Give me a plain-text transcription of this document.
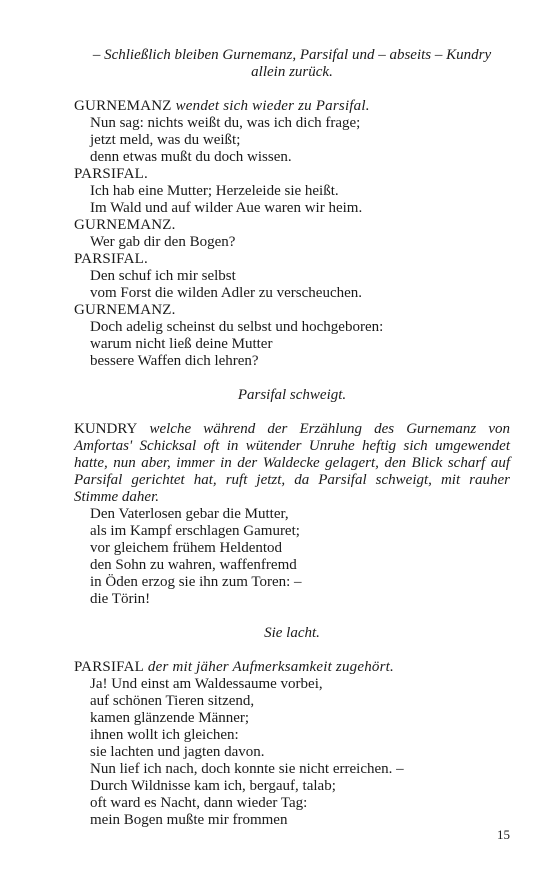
– Schließlich bleiben Gurnemanz, Parsifal und – abseits – Kundry allein zurück.

GURNEMANZ wendet sich wieder zu Parsifal.

Nun sag: nichts weißt du, was ich dich frage;

jetzt meld, was du weißt;

denn etwas mußt du doch wissen.

PARSIFAL.

Ich hab eine Mutter; Herzeleide sie heißt.

Im Wald und auf wilder Aue waren wir heim.

GURNEMANZ.

Wer gab dir den Bogen?

PARSIFAL.

Den schuf ich mir selbst

vom Forst die wilden Adler zu verscheuchen.

GURNEMANZ.

Doch adelig scheinst du selbst und hochgeboren:

warum nicht ließ deine Mutter

bessere Waffen dich lehren?

Parsifal schweigt.

KUNDRY welche während der Erzählung des Gurnemanz von Amfortas' Schicksal oft in wütender Unruhe heftig sich umgewendet hatte, nun aber, immer in der Waldecke gelagert, den Blick scharf auf Parsifal gerichtet hat, ruft jetzt, da Parsifal schweigt, mit rauher Stimme daher.

Den Vaterlosen gebar die Mutter,

als im Kampf erschlagen Gamuret;

vor gleichem frühem Heldentod

den Sohn zu wahren, waffenfremd

in Öden erzog sie ihn zum Toren: –

die Törin!

Sie lacht.

PARSIFAL der mit jäher Aufmerksamkeit zugehört.

Ja! Und einst am Waldessaume vorbei,

auf schönen Tieren sitzend,

kamen glänzende Männer;

ihnen wollt ich gleichen:

sie lachten und jagten davon.

Nun lief ich nach, doch konnte sie nicht erreichen. –

Durch Wildnisse kam ich, bergauf, talab;

oft ward es Nacht, dann wieder Tag:

mein Bogen mußte mir frommen

15
